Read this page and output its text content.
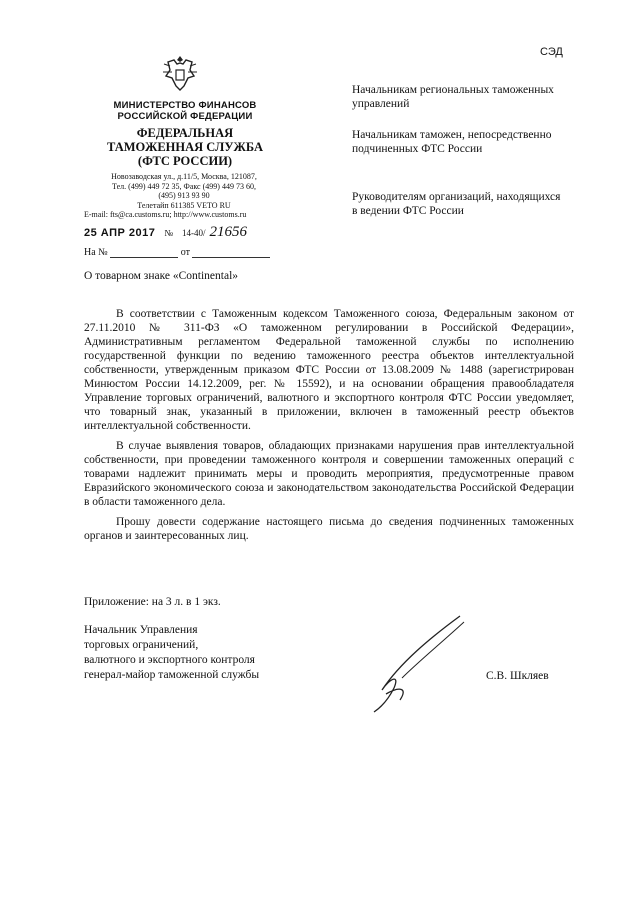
СЭД
МИНИСТЕРСТВО ФИНАНСОВ
РОССИЙСКОЙ ФЕДЕРАЦИИ
ФЕДЕРАЛЬНАЯ
ТАМОЖЕННАЯ СЛУЖБА
(ФТС РОССИИ)
Новозаводская ул., д.11/5, Москва, 121087,
Тел. (499) 449 72 35, Факс (499) 449 73 60,
(495) 913 93 90
Телетайп 611385 VETO RU
E-mail: fts@ca.customs.ru; http://www.customs.ru
25 АПР 2017 № 14-40/ 21656
На №	от
Начальникам региональных таможенных управлений
Начальникам таможен, непосредственно подчиненных ФТС России
Руководителям организаций, находящихся в ведении ФТС России
О товарном знаке «Continental»

В соответствии с Таможенным кодексом Таможенного союза, Федеральным законом от 27.11.2010 № 311-ФЗ «О таможенном регулировании в Российской Федерации», Административным регламентом Федеральной таможенной службы по исполнению государственной функции по ведению таможенного реестра объектов интеллектуальной собственности, утвержденным приказом ФТС России от 13.08.2009 № 1488 (зарегистрирован Минюстом России 14.12.2009, рег. № 15592), и на основании обращения правообладателя Управление торговых ограничений, валютного и экспортного контроля ФТС России уведомляет, что товарный знак, указанный в приложении, включен в таможенный реестр объектов интеллектуальной собственности.

В случае выявления товаров, обладающих признаками нарушения прав интеллектуальной собственности, при проведении таможенного контроля и совершении таможенных операций с товарами надлежит принимать меры и проводить мероприятия, предусмотренные правом Евразийского экономического союза и законодательством законодательства Российской Федерации в области таможенного дела.

Прошу довести содержание настоящего письма до сведения подчиненных таможенных органов и заинтересованных лиц.

Приложение: на 3 л. в 1 экз.
Начальник Управления
торговых ограничений,
валютного и экспортного контроля
генерал-майор таможенной службы	С.В. Шкляев
